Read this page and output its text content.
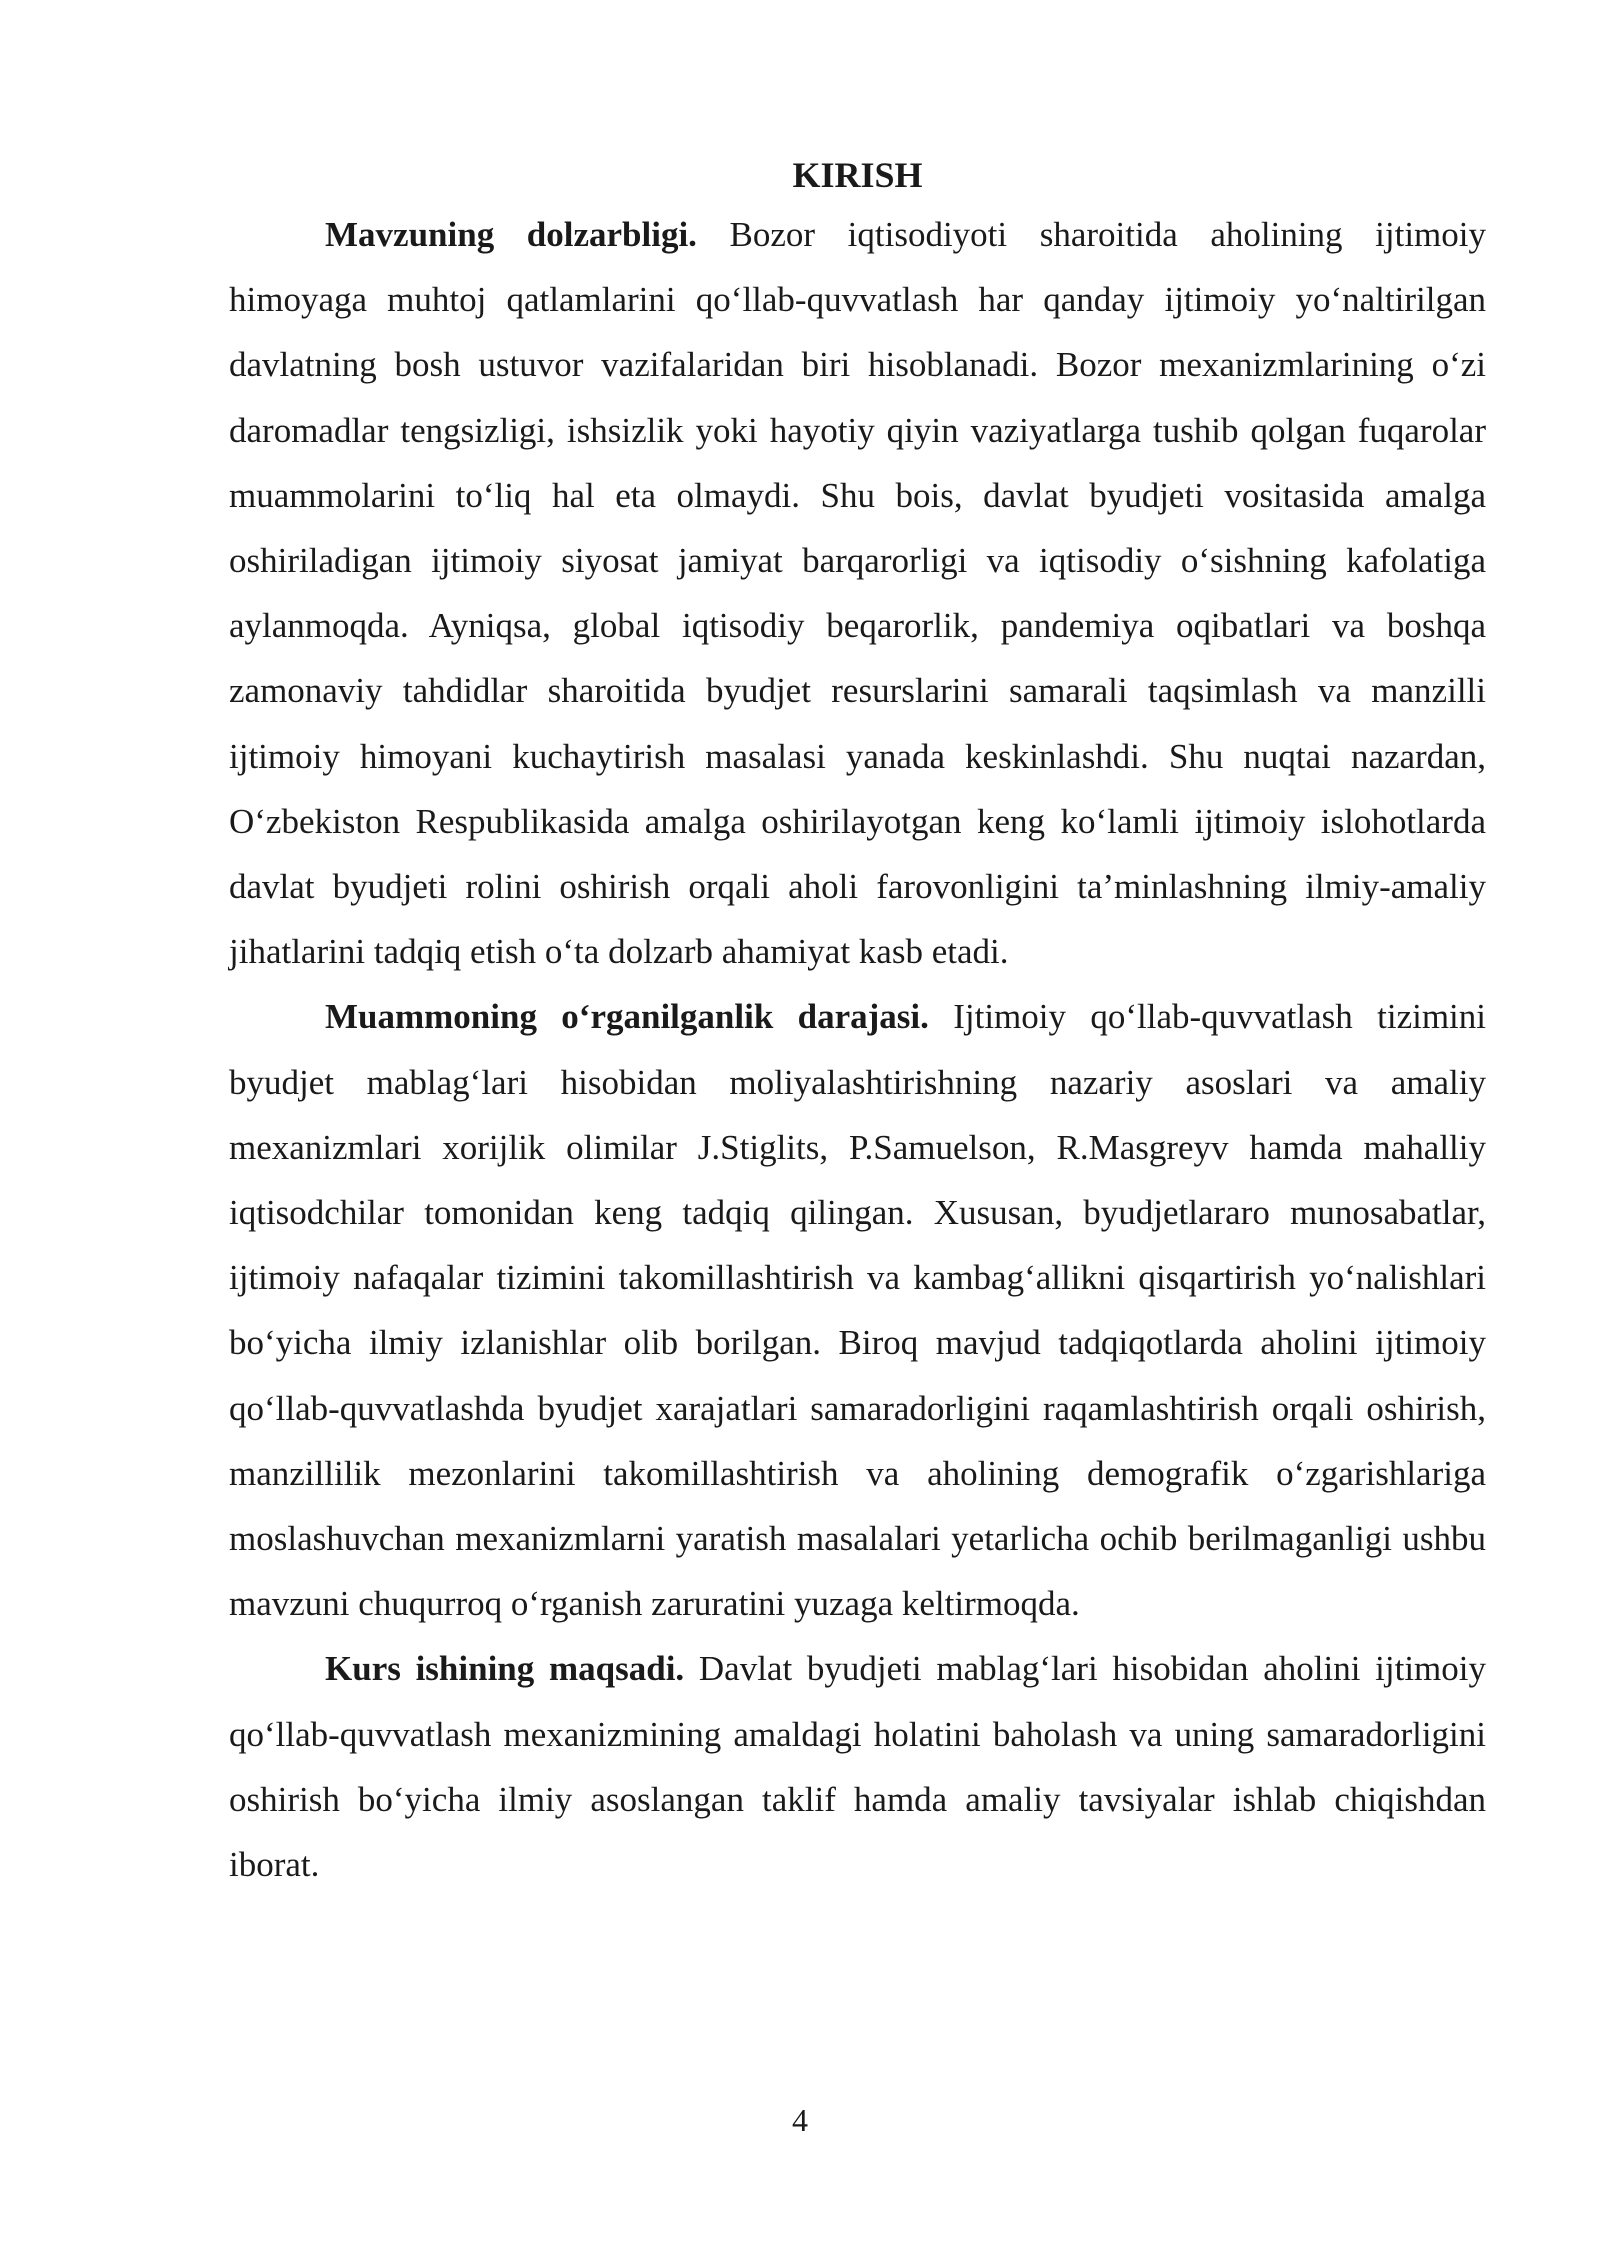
KIRISH

Mavzuning dolzarbligi. Bozor iqtisodiyoti sharoitida aholining ijtimoiy himoyaga muhtoj qatlamlarini qo‘llab-quvvatlash har qanday ijtimoiy yo‘naltirilgan davlatning bosh ustuvor vazifalaridan biri hisoblanadi. Bozor mexanizmlarining o‘zi daromadlar tengsizligi, ishsizlik yoki hayotiy qiyin vaziyatlarga tushib qolgan fuqarolar muammolarini to‘liq hal eta olmaydi. Shu bois, davlat byudjeti vositasida amalga oshiriladigan ijtimoiy siyosat jamiyat barqarorligi va iqtisodiy o‘sishning kafolatiga aylanmoqda. Ayniqsa, global iqtisodiy beqarorlik, pandemiya oqibatlari va boshqa zamonaviy tahdidlar sharoitida byudjet resurslarini samarali taqsimlash va manzilli ijtimoiy himoyani kuchaytirish masalasi yanada keskinlashdi. Shu nuqtai nazardan, O‘zbekiston Respublikasida amalga oshirilayotgan keng ko‘lamli ijtimoiy islohotlarda davlat byudjeti rolini oshirish orqali aholi farovonligini ta’minlashning ilmiy-amaliy jihatlarini tadqiq etish o‘ta dolzarb ahamiyat kasb etadi.

Muammoning o‘rganilganlik darajasi. Ijtimoiy qo‘llab-quvvatlash tizimini byudjet mablag‘lari hisobidan moliyalashtirishning nazariy asoslari va amaliy mexanizmlari xorijlik olimilar J.Stiglits, P.Samuelson, R.Masgreyv hamda mahalliy iqtisodchilar tomonidan keng tadqiq qilingan. Xususan, byudjetlararo munosabatlar, ijtimoiy nafaqalar tizimini takomillashtirish va kambag‘allikni qisqartirish yo‘nalishlari bo‘yicha ilmiy izlanishlar olib borilgan. Biroq mavjud tadqiqotlarda aholini ijtimoiy qo‘llab-quvvatlashda byudjet xarajatlari samaradorligini raqamlashtirish orqali oshirish, manzillilik mezonlarini takomillashtirish va aholining demografik o‘zgarishlariga moslashuvchan mexanizmlarni yaratish masalalari yetarlicha ochib berilmaganligi ushbu mavzuni chuqurroq o‘rganish zaruratini yuzaga keltirmoqda.

Kurs ishining maqsadi. Davlat byudjeti mablag‘lari hisobidan aholini ijtimoiy qo‘llab-quvvatlash mexanizmining amaldagi holatini baholash va uning samaradorligini oshirish bo‘yicha ilmiy asoslangan taklif hamda amaliy tavsiyalar ishlab chiqishdan iborat.

4
